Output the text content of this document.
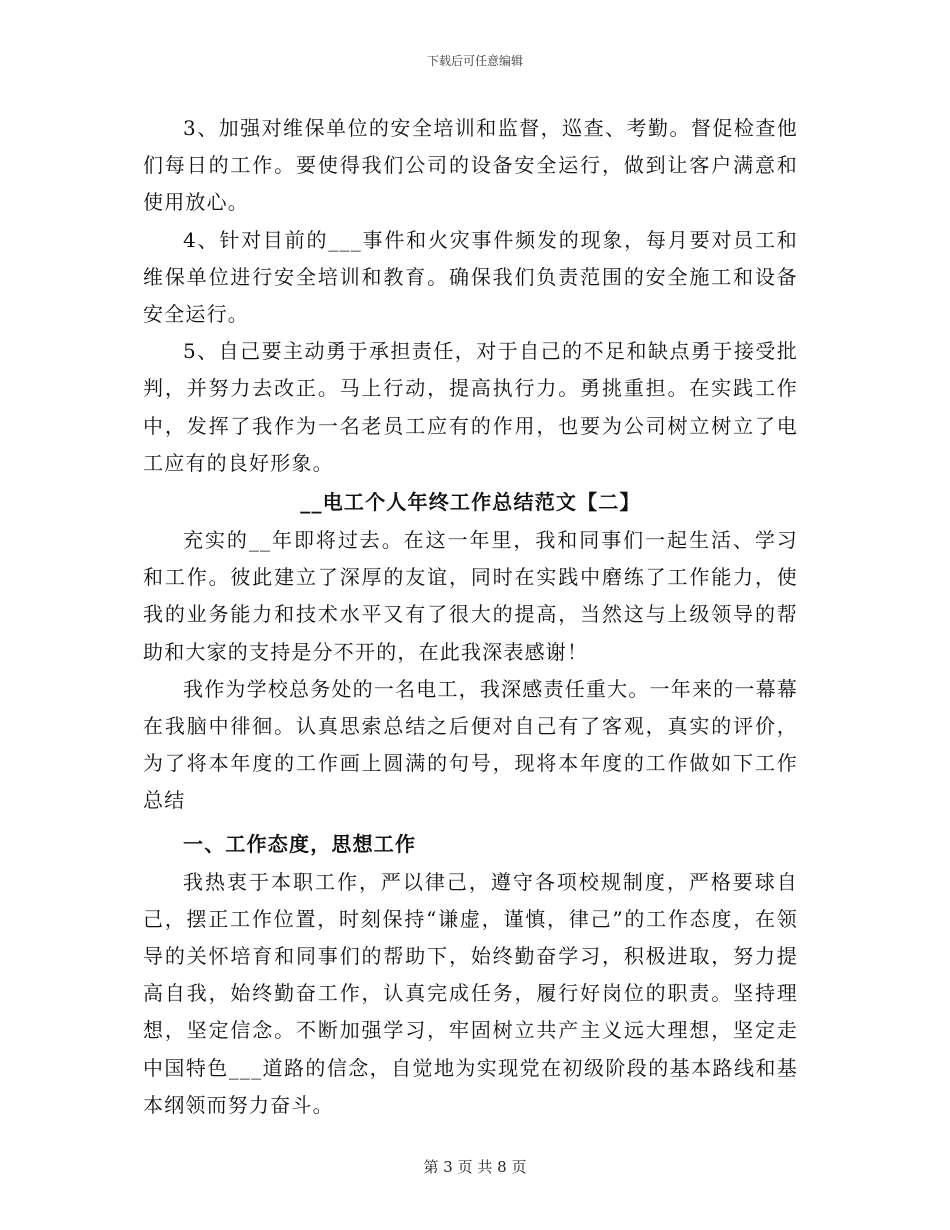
下载后可任意编辑

3、加强对维保单位的安全培训和监督，巡查、考勤。督促检查他们每日的工作。要使得我们公司的设备安全运行，做到让客户满意和使用放心。

4、针对目前的___事件和火灾事件频发的现象，每月要对员工和维保单位进行安全培训和教育。确保我们负责范围的安全施工和设备安全运行。

5、自己要主动勇于承担责任，对于自己的不足和缺点勇于接受批判，并努力去改正。马上行动，提高执行力。勇挑重担。在实践工作中，发挥了我作为一名老员工应有的作用，也要为公司树立树立了电工应有的良好形象。

__电工个人年终工作总结范文【二】

充实的__年即将过去。在这一年里，我和同事们一起生活、学习和工作。彼此建立了深厚的友谊，同时在实践中磨练了工作能力，使我的业务能力和技术水平又有了很大的提高，当然这与上级领导的帮助和大家的支持是分不开的，在此我深表感谢！

我作为学校总务处的一名电工，我深感责任重大。一年来的一幕幕在我脑中徘徊。认真思索总结之后便对自己有了客观，真实的评价，为了将本年度的工作画上圆满的句号，现将本年度的工作做如下工作总结

一、工作态度，思想工作

我热衷于本职工作，严以律己，遵守各项校规制度，严格要球自己，摆正工作位置，时刻保持“谦虚，谨慎，律己”的工作态度，在领导的关怀培育和同事们的帮助下，始终勤奋学习，积极进取，努力提高自我，始终勤奋工作，认真完成任务，履行好岗位的职责。坚持理想，坚定信念。不断加强学习，牢固树立共产主义远大理想，坚定走中国特色___道路的信念，自觉地为实现党在初级阶段的基本路线和基本纲领而努力奋斗。

第 3 页 共 8 页
